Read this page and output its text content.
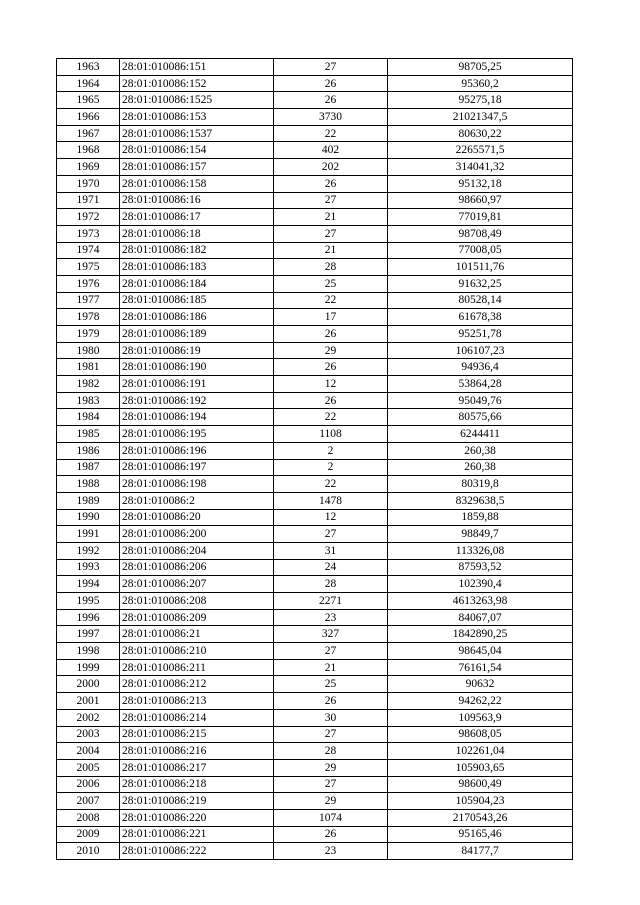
1963	28:01:010086:151	27	98705,25
1964	28:01:010086:152	26	95360,2
1965	28:01:010086:1525	26	95275,18
1966	28:01:010086:153	3730	21021347,5
1967	28:01:010086:1537	22	80630,22
1968	28:01:010086:154	402	2265571,5
1969	28:01:010086:157	202	314041,32
1970	28:01:010086:158	26	95132,18
1971	28:01:010086:16	27	98660,97
1972	28:01:010086:17	21	77019,81
1973	28:01:010086:18	27	98708,49
1974	28:01:010086:182	21	77008,05
1975	28:01:010086:183	28	101511,76
1976	28:01:010086:184	25	91632,25
1977	28:01:010086:185	22	80528,14
1978	28:01:010086:186	17	61678,38
1979	28:01:010086:189	26	95251,78
1980	28:01:010086:19	29	106107,23
1981	28:01:010086:190	26	94936,4
1982	28:01:010086:191	12	53864,28
1983	28:01:010086:192	26	95049,76
1984	28:01:010086:194	22	80575,66
1985	28:01:010086:195	1108	6244411
1986	28:01:010086:196	2	260,38
1987	28:01:010086:197	2	260,38
1988	28:01:010086:198	22	80319,8
1989	28:01:010086:2	1478	8329638,5
1990	28:01:010086:20	12	1859,88
1991	28:01:010086:200	27	98849,7
1992	28:01:010086:204	31	113326,08
1993	28:01:010086:206	24	87593,52
1994	28:01:010086:207	28	102390,4
1995	28:01:010086:208	2271	4613263,98
1996	28:01:010086:209	23	84067,07
1997	28:01:010086:21	327	1842890,25
1998	28:01:010086:210	27	98645,04
1999	28:01:010086:211	21	76161,54
2000	28:01:010086:212	25	90632
2001	28:01:010086:213	26	94262,22
2002	28:01:010086:214	30	109563,9
2003	28:01:010086:215	27	98608,05
2004	28:01:010086:216	28	102261,04
2005	28:01:010086:217	29	105903,65
2006	28:01:010086:218	27	98600,49
2007	28:01:010086:219	29	105904,23
2008	28:01:010086:220	1074	2170543,26
2009	28:01:010086:221	26	95165,46
2010	28:01:010086:222	23	84177,7
